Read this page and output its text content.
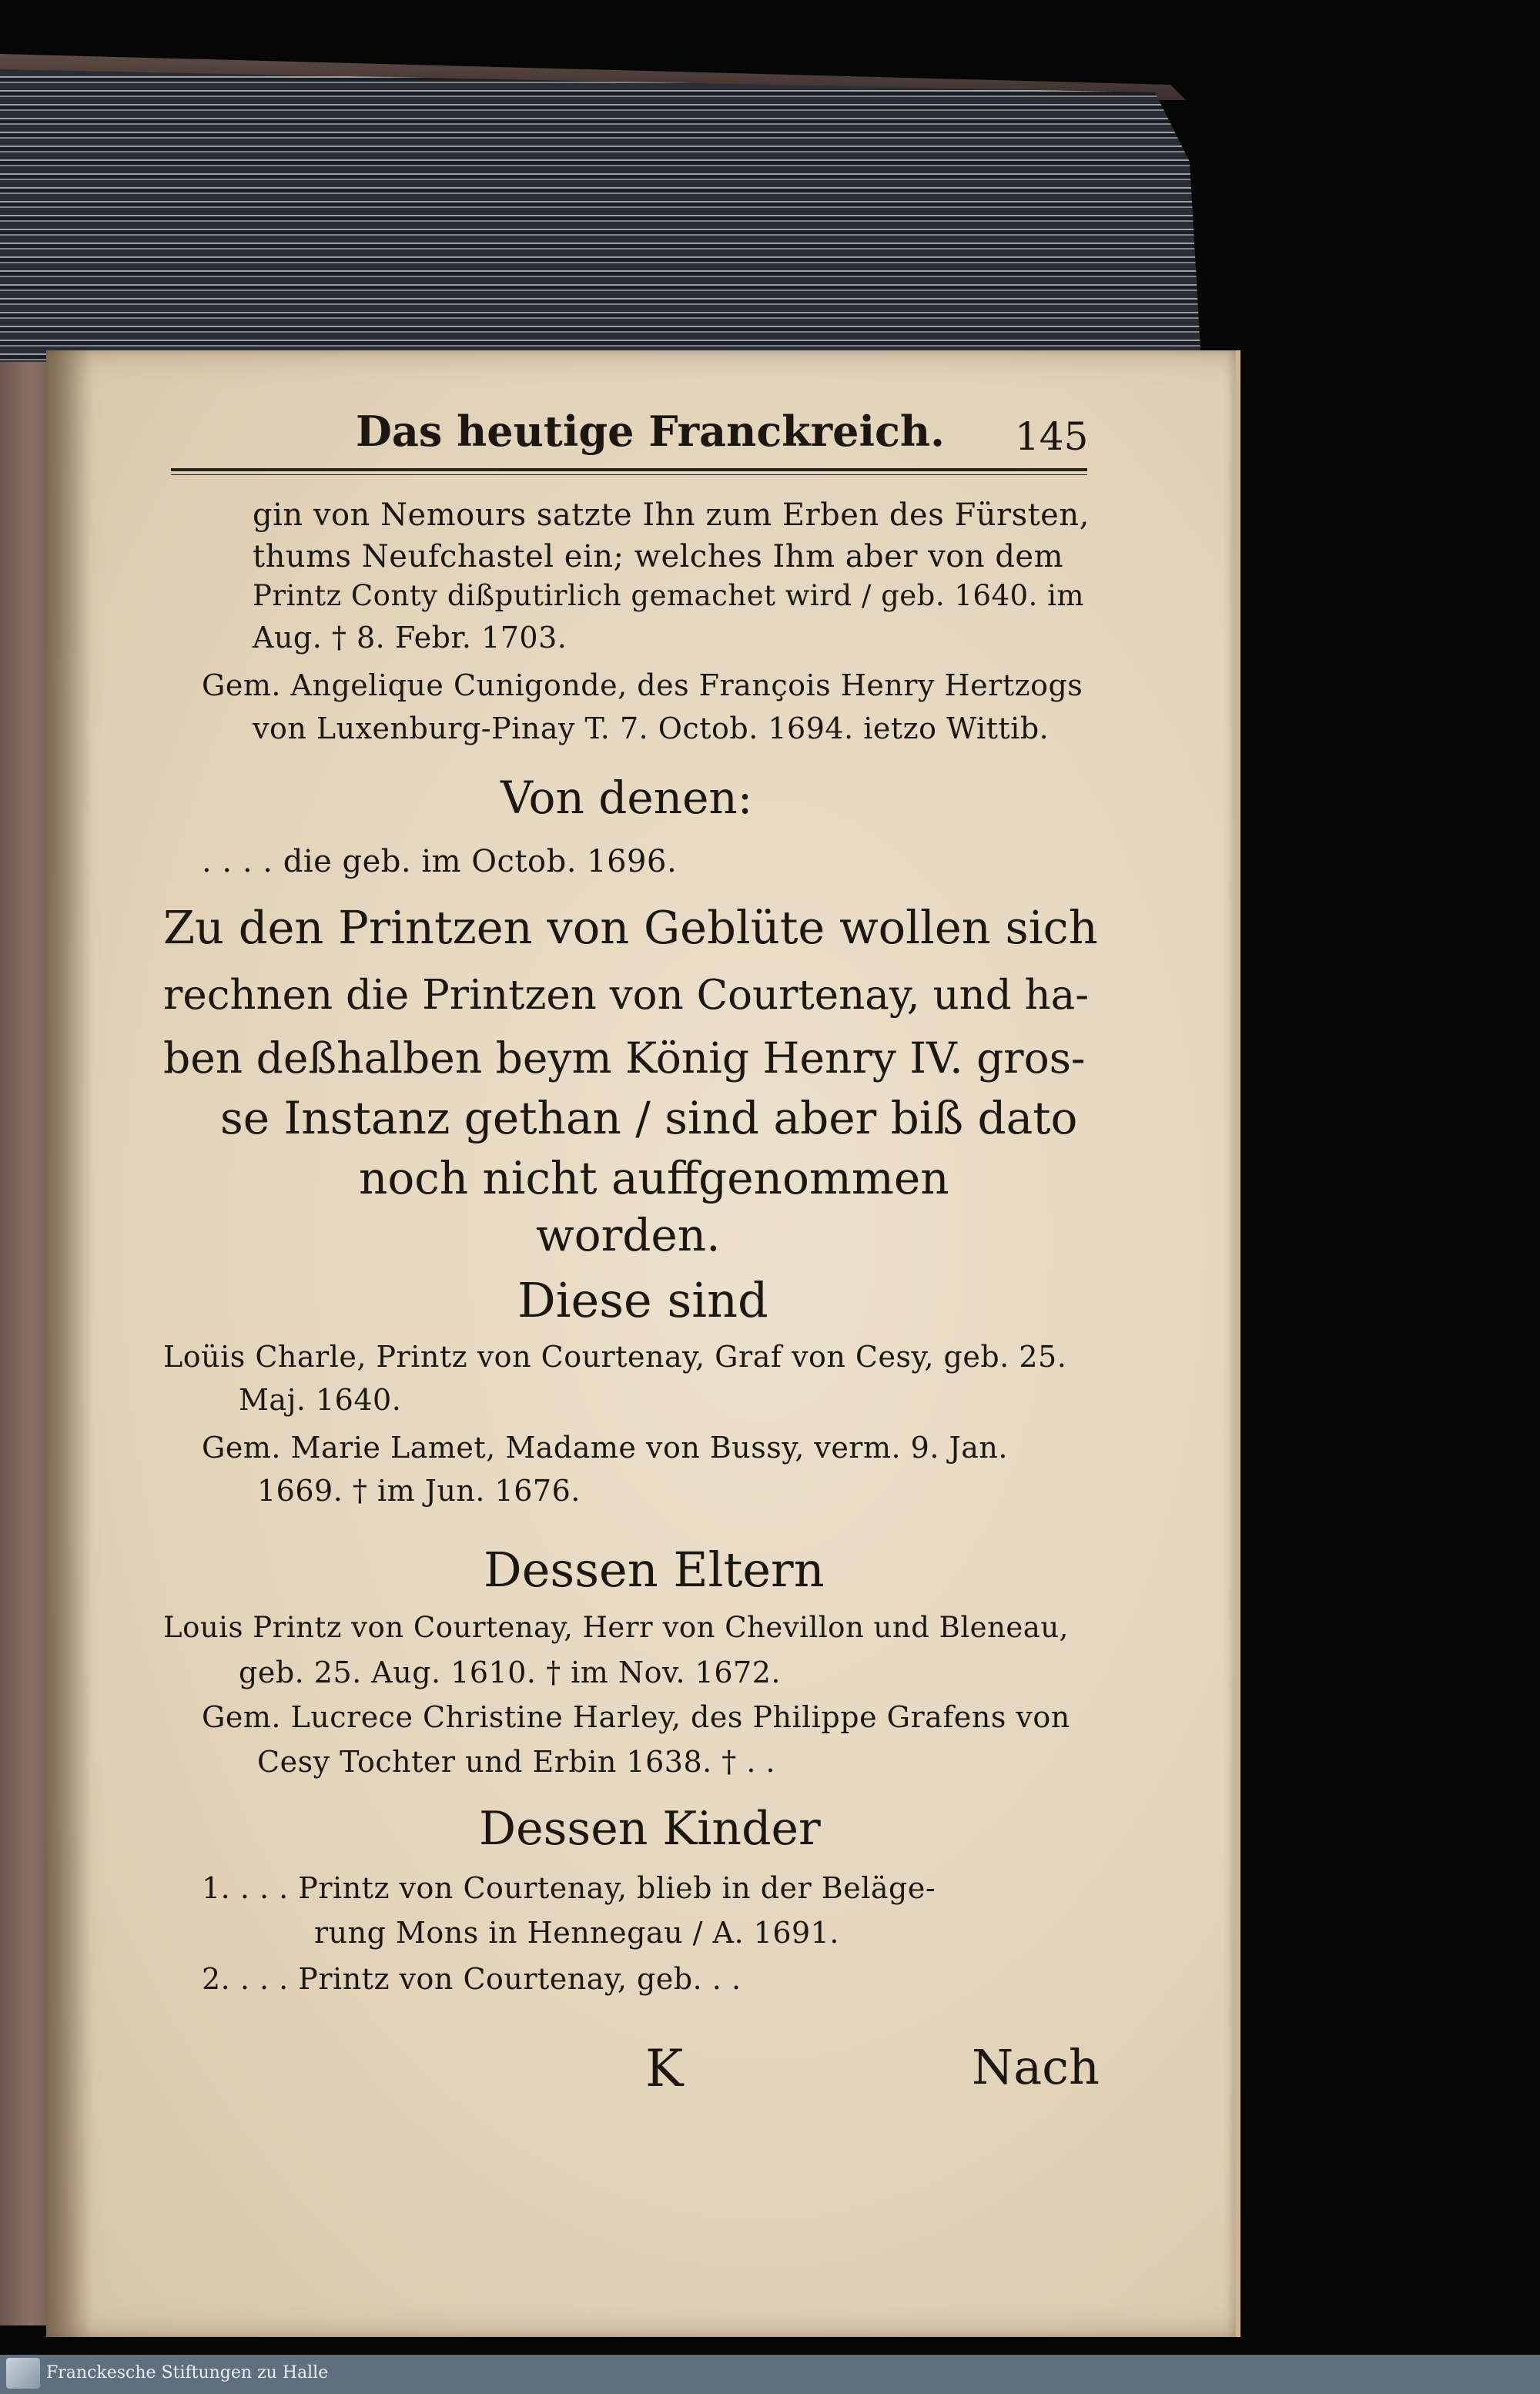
Das heutige Franckreich. 145
gin von Nemours satzte Ihn zum Erben des Fürsten,
thums Neufchastel ein; welches Ihm aber von dem
Printz Conty dißputirlich gemachet wird / geb. 1640. im
Aug. † 8. Febr. 1703.
Gem. Angelique Cunigonde, des François Henry Hertzogs
von Luxenburg-Pinay T. 7. Octob. 1694. ietzo Wittib.
Von denen:
. . . . die geb. im Octob. 1696.
Zu den Printzen von Geblüte wollen sich
rechnen die Printzen von Courtenay, und ha-
ben deßhalben beym König Henry IV. gros-
se Instanz gethan / sind aber biß dato
noch nicht auffgenommen
worden.
Diese sind
Loüis Charle, Printz von Courtenay, Graf von Cesy, geb. 25.
Maj. 1640.
Gem. Marie Lamet, Madame von Bussy, verm. 9. Jan.
1669. † im Jun. 1676.
Dessen Eltern
Louis Printz von Courtenay, Herr von Chevillon und Bleneau,
geb. 25. Aug. 1610. † im Nov. 1672.
Gem. Lucrece Christine Harley, des Philippe Grafens von
Cesy Tochter und Erbin 1638. † . .
Dessen Kinder
1. . . . Printz von Courtenay, blieb in der Beläge-
rung Mons in Hennegau / A. 1691.
2. . . . Printz von Courtenay, geb. . .
K	Nach
Franckesche Stiftungen zu Halle
